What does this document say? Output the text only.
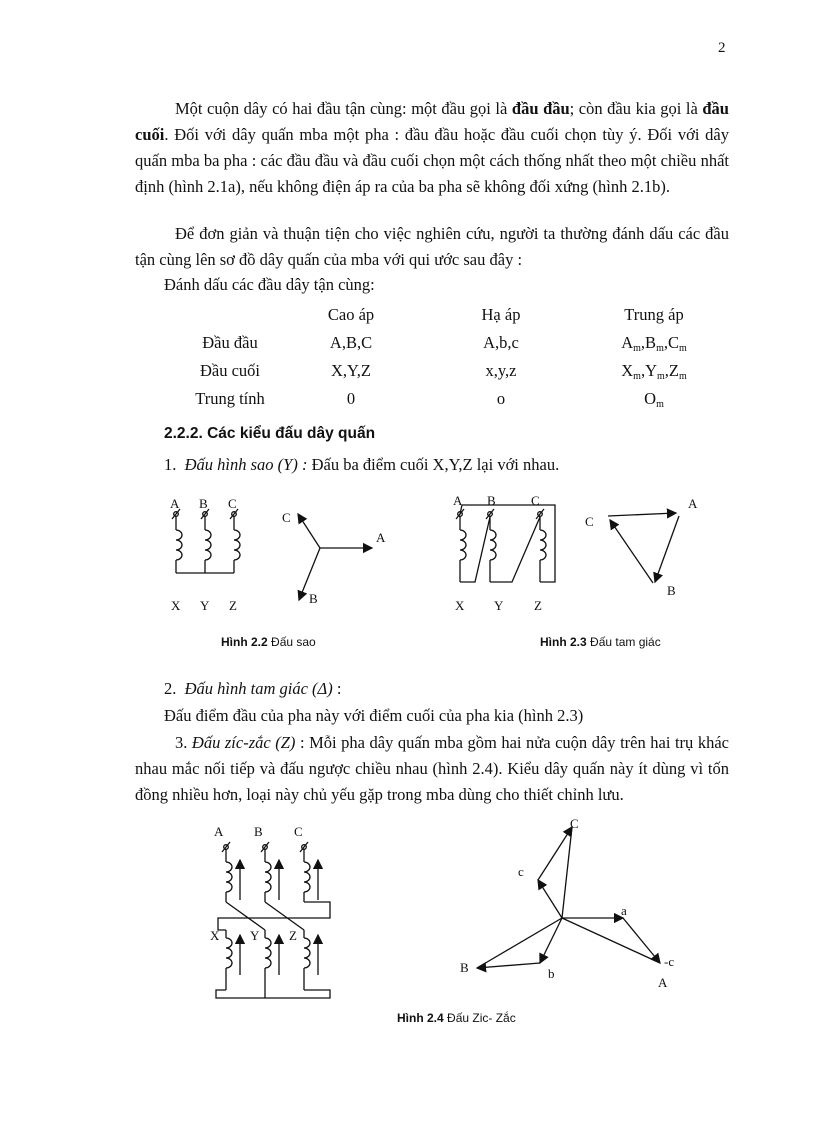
2
Một cuộn dây có hai đầu tận cùng: một đầu gọi là đầu đầu; còn đầu kia gọi là đầu cuối. Đối với dây quấn mba một pha : đầu đầu hoặc đầu cuối chọn tùy ý. Đối với dây quấn mba ba pha : các đầu đầu và đầu cuối chọn một cách thống nhất theo một chiều nhất định (hình 2.1a), nếu không điện áp ra của ba pha sẽ không đối xứng (hình 2.1b).
Để đơn giản và thuận tiện cho việc nghiên cứu, người ta thường đánh dấu các đầu tận cùng lên sơ đồ dây quấn của mba với qui ước sau đây :
Đánh dấu các đầu dây tận cùng:
	Cao áp	Hạ áp	Trung áp
Đầu đầu	A,B,C	A,b,c	$A_m,B_m,C_m$
Đầu cuối	X,Y,Z	x,y,z	$X_m,Y_m,Z_m$
Trung tính	0	o	$O_m$
2.2.2. Các kiểu đấu dây quấn
1. Đấu hình sao (Y) : Đấu ba điểm cuối X,Y,Z lại với nhau.
Hình 2.2 Đấu sao	Hình 2.3 Đấu tam giác
2. Đấu hình tam giác (Δ) :
Đấu điểm đầu của pha này với điểm cuối của pha kia (hình 2.3)
3. Đấu zíc-zắc (Z) : Mỗi pha dây quấn mba gồm hai nửa cuộn dây trên hai trụ khác nhau mắc nối tiếp và đấu ngược chiều nhau (hình 2.4). Kiểu dây quấn này ít dùng vì tốn đồng nhiều hơn, loại này chủ yếu gặp trong mba dùng cho thiết chỉnh lưu.
Hình 2.4 Đấu Zic- Zắc
A B C
X Y Z
C
A
B
A B	C
X Y Z
C
A
B
A B C
X Y Z
C
c
a
-c
A
B	b
